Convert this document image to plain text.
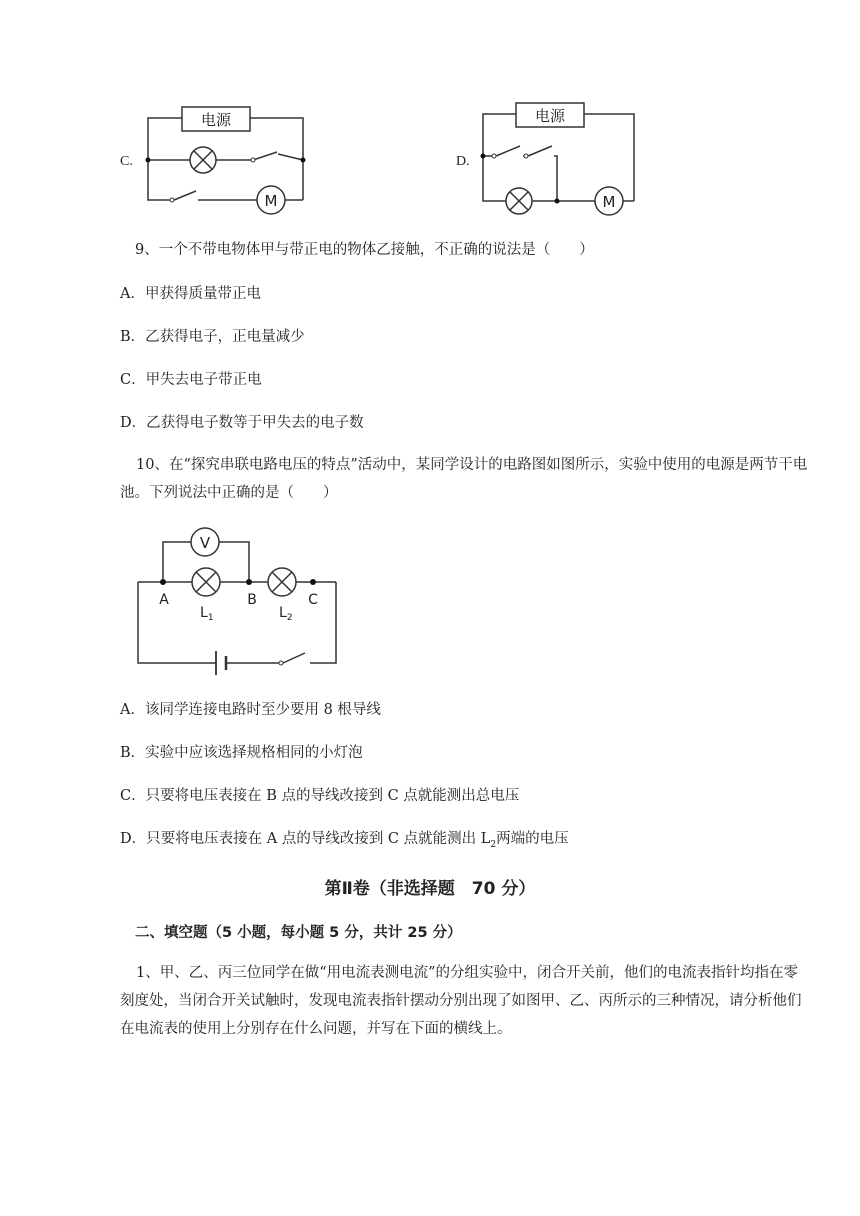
C.
电源
M
D.
电源
M
9、一个不带电物体甲与带正电的物体乙接触，不正确的说法是（　　）
A．甲获得质量带正电
B．乙获得电子，正电量减少
C．甲失去电子带正电
D．乙获得电子数等于甲失去的电子数
10、在“探究串联电路电压的特点”活动中，某同学设计的电路图如图所示，实验中使用的电源是两节干电池。下列说法中正确的是（　　）
V
A	B	C
$L_1$	$L_2$
A．该同学连接电路时至少要用 8 根导线
B．实验中应该选择规格相同的小灯泡
C．只要将电压表接在 B 点的导线改接到 C 点就能测出总电压
D．只要将电压表接在 A 点的导线改接到 C 点就能测出 $L_2$两端的电压
第Ⅱ卷（非选择题　70 分）
二、填空题（5 小题，每小题 5 分，共计 25 分）
1、甲、乙、丙三位同学在做“用电流表测电流”的分组实验中，闭合开关前，他们的电流表指针均指在零刻度处，当闭合开关试触时，发现电流表指针摆动分别出现了如图甲、乙、丙所示的三种情况，请分析他们在电流表的使用上分别存在什么问题，并写在下面的横线上。
